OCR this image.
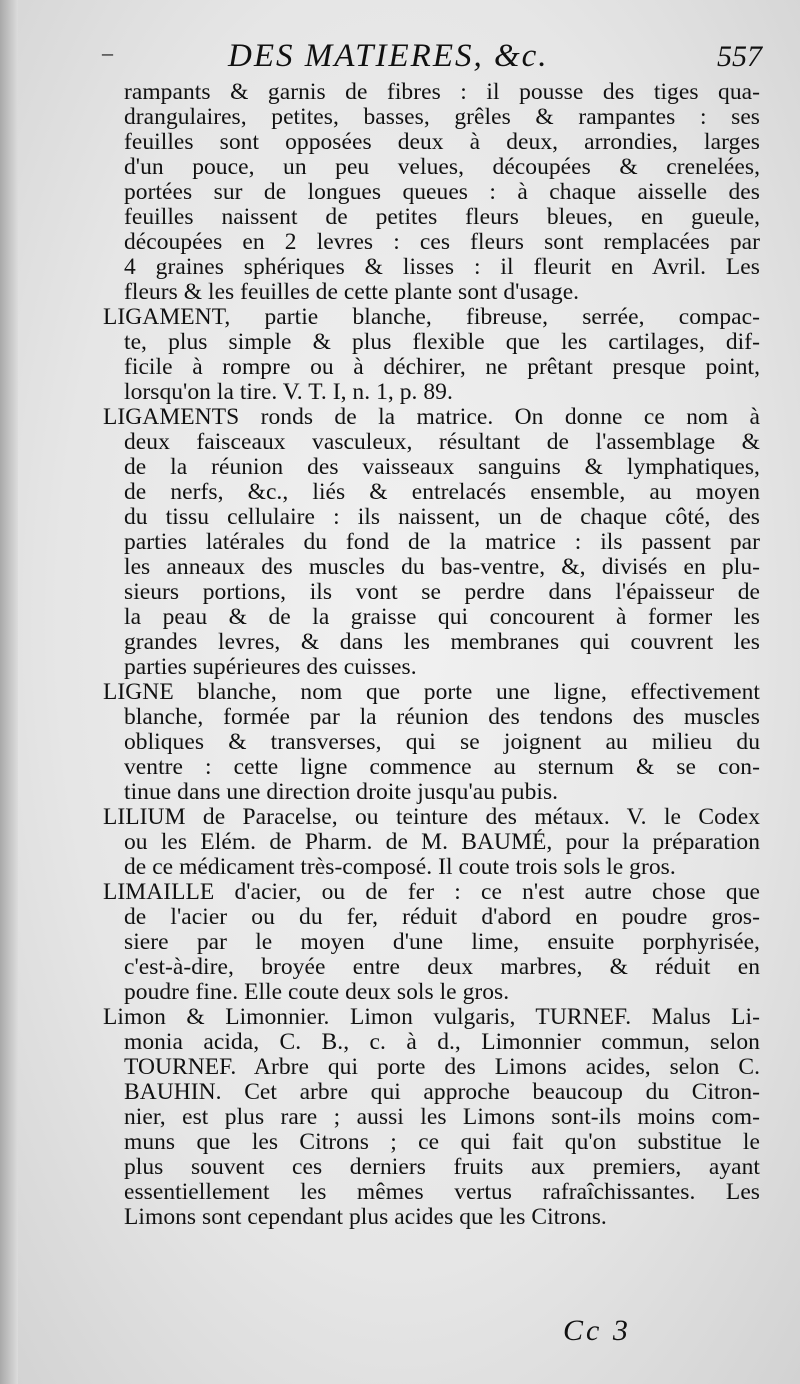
–	DES MATIERES, &c.	557
rampants & garnis de fibres : il pousse des tiges qua-
drangulaires, petites, basses, grêles & rampantes : ses
feuilles sont opposées deux à deux, arrondies, larges
d'un pouce, un peu velues, découpées & crenelées,
portées sur de longues queues : à chaque aisselle des
feuilles naissent de petites fleurs bleues, en gueule,
découpées en 2 levres : ces fleurs sont remplacées par
4 graines sphériques & lisses : il fleurit en Avril. Les
fleurs & les feuilles de cette plante sont d'usage.
LIGAMENT, partie blanche, fibreuse, serrée, compac-
te, plus simple & plus flexible que les cartilages, dif-
ficile à rompre ou à déchirer, ne prêtant presque point,
lorsqu'on la tire. V. T. I, n. 1, p. 89.
LIGAMENTS ronds de la matrice. On donne ce nom à
deux faisceaux vasculeux, résultant de l'assemblage &
de la réunion des vaisseaux sanguins & lymphatiques,
de nerfs, &c., liés & entrelacés ensemble, au moyen
du tissu cellulaire : ils naissent, un de chaque côté, des
parties latérales du fond de la matrice : ils passent par
les anneaux des muscles du bas-ventre, &, divisés en plu-
sieurs portions, ils vont se perdre dans l'épaisseur de
la peau & de la graisse qui concourent à former les
grandes levres, & dans les membranes qui couvrent les
parties supérieures des cuisses.
LIGNE blanche, nom que porte une ligne, effectivement
blanche, formée par la réunion des tendons des muscles
obliques & transverses, qui se joignent au milieu du
ventre : cette ligne commence au sternum & se con-
tinue dans une direction droite jusqu'au pubis.
LILIUM de Paracelse, ou teinture des métaux. V. le Codex
ou les Elém. de Pharm. de M. BAUMÉ, pour la préparation
de ce médicament très-composé. Il coute trois sols le gros.
LIMAILLE d'acier, ou de fer : ce n'est autre chose que
de l'acier ou du fer, réduit d'abord en poudre gros-
siere par le moyen d'une lime, ensuite porphyrisée,
c'est-à-dire, broyée entre deux marbres, & réduit en
poudre fine. Elle coute deux sols le gros.
Limon & Limonnier. Limon vulgaris, TURNEF. Malus Li-
monia acida, C. B., c. à d., Limonnier commun, selon
TOURNEF. Arbre qui porte des Limons acides, selon C.
BAUHIN. Cet arbre qui approche beaucoup du Citron-
nier, est plus rare ; aussi les Limons sont-ils moins com-
muns que les Citrons ; ce qui fait qu'on substitue le
plus souvent ces derniers fruits aux premiers, ayant
essentiellement les mêmes vertus rafraîchissantes. Les
Limons sont cependant plus acides que les Citrons.
Cc 3
